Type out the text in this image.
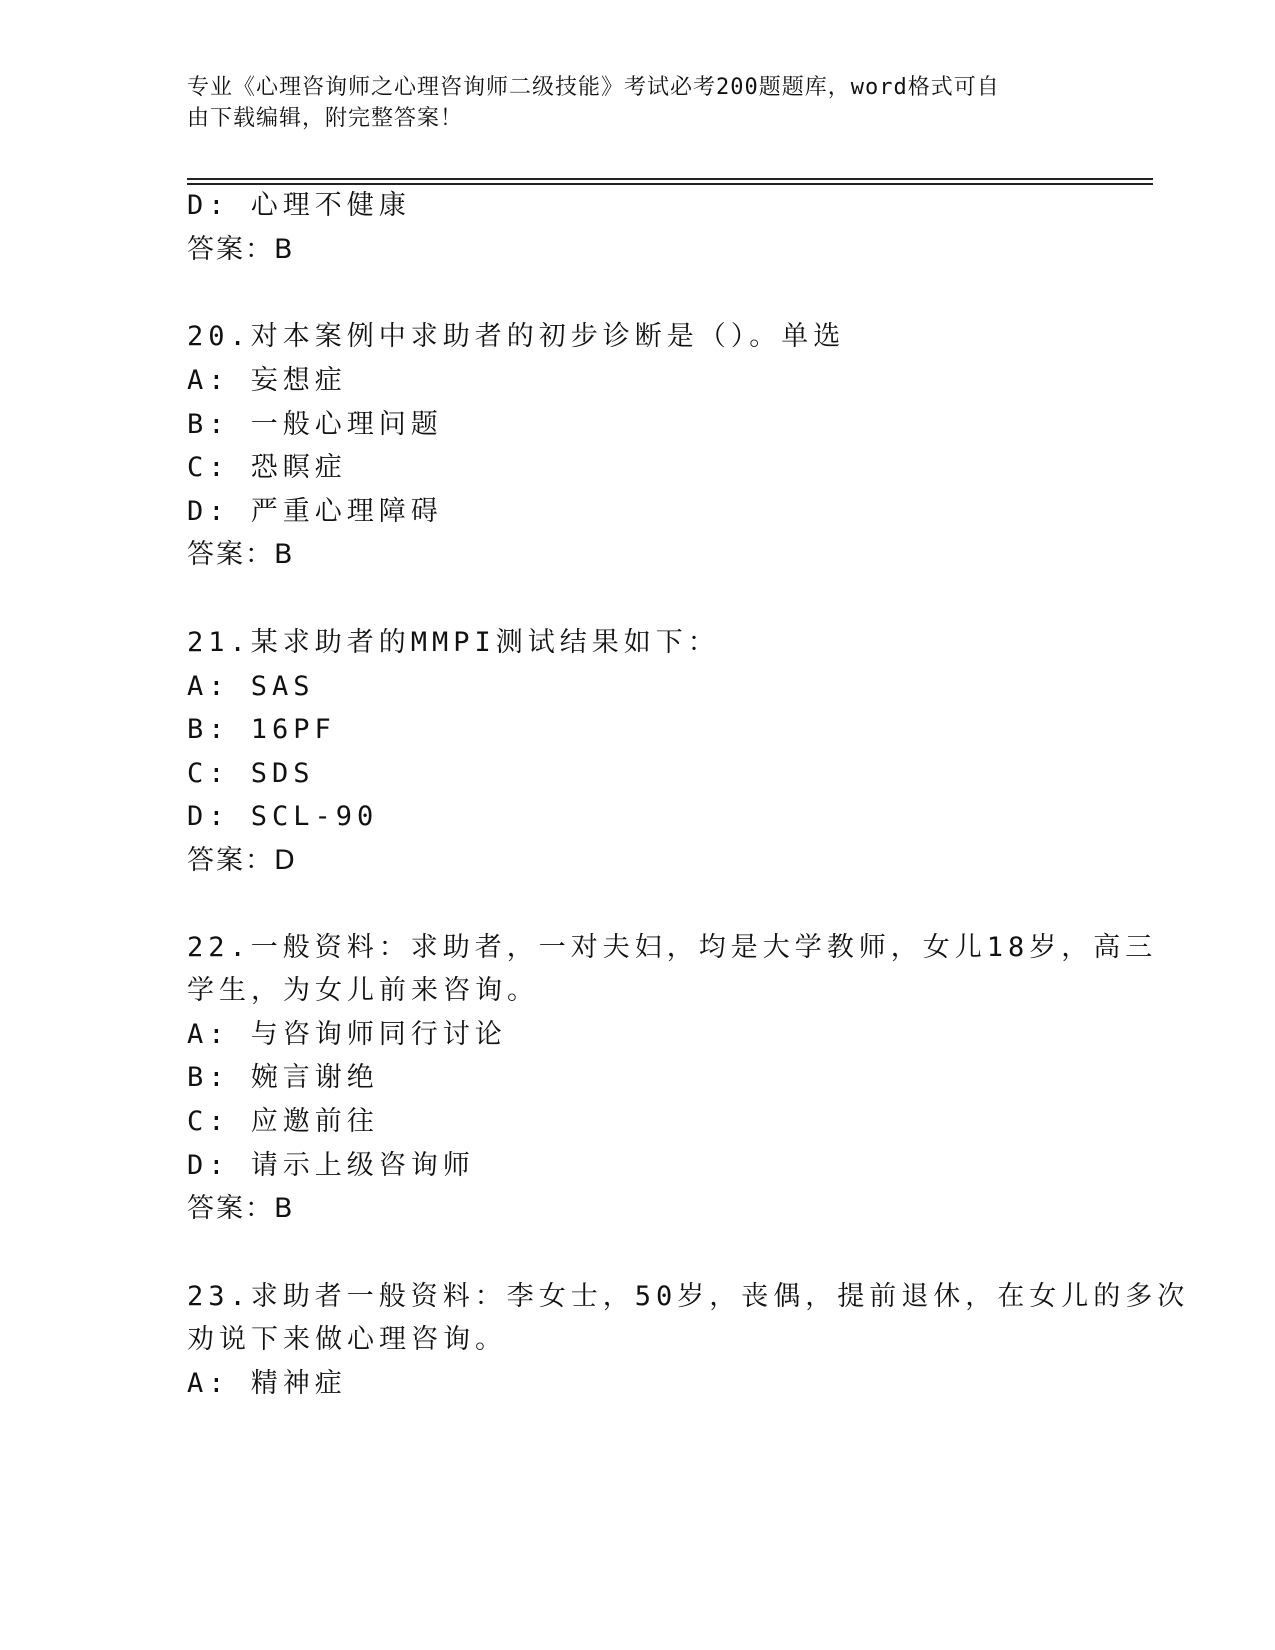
专业《心理咨询师之心理咨询师二级技能》考试必考200题题库，word格式可自
由下载编辑，附完整答案！
D: 心理不健康
答案：B
20.对本案例中求助者的初步诊断是（）。单选
A: 妄想症
B: 一般心理问题
C: 恐瞑症
D: 严重心理障碍
答案：B
21.某求助者的MMPI测试结果如下：
A: SAS
B: 16PF
C: SDS
D: SCL-90
答案：D
22.一般资料：求助者，一对夫妇，均是大学教师，女儿18岁，高三
学生，为女儿前来咨询。
A: 与咨询师同行讨论
B: 婉言谢绝
C: 应邀前往
D: 请示上级咨询师
答案：B
23.求助者一般资料：李女士，50岁，丧偶，提前退休，在女儿的多次
劝说下来做心理咨询。
A: 精神症
